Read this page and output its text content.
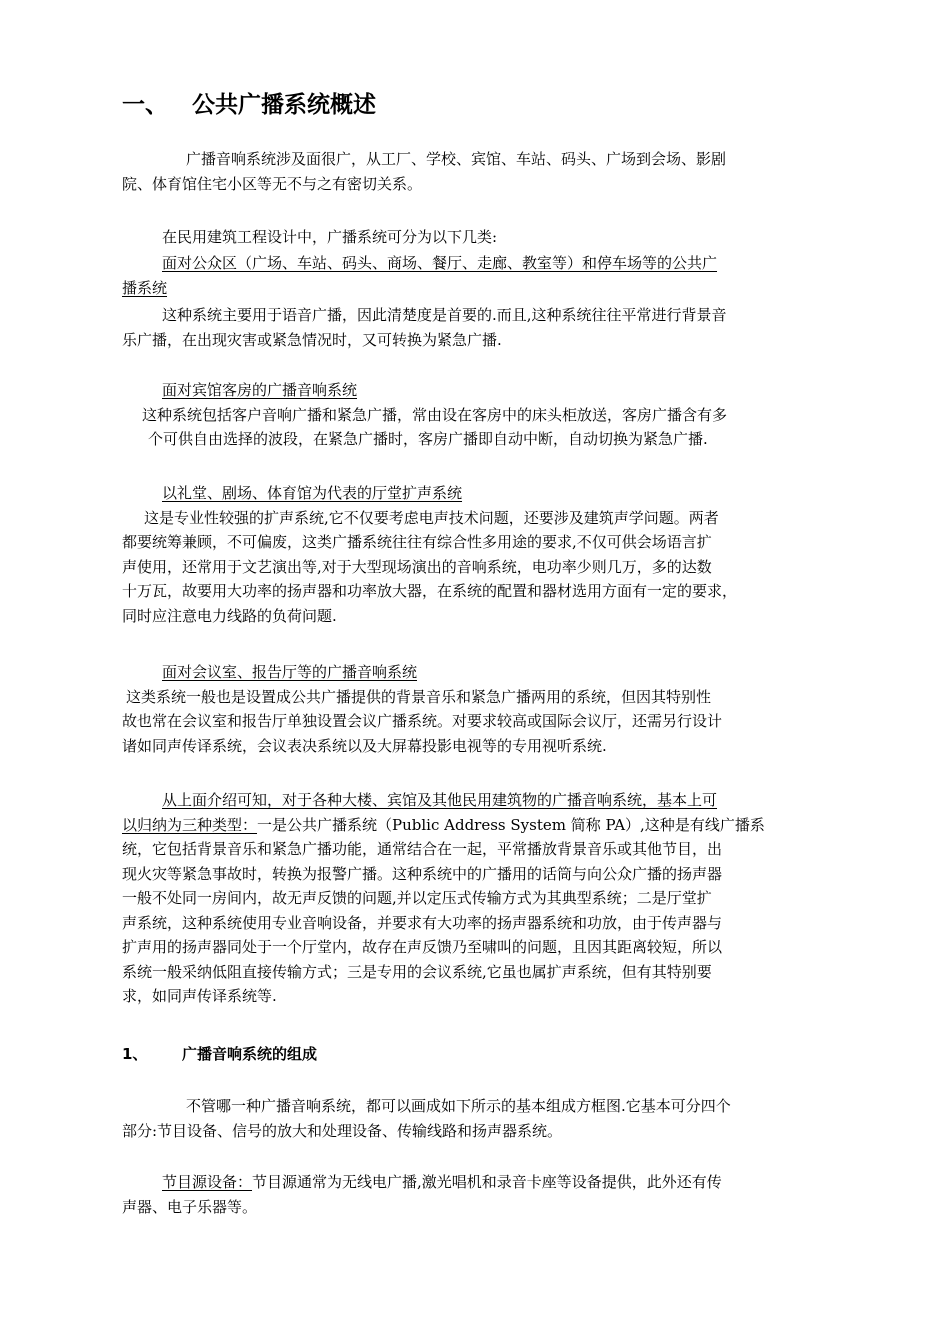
一、 公共广播系统概述
广播音响系统涉及面很广，从工厂、学校、宾馆、车站、码头、广场到会场、影剧
院、体育馆住宅小区等无不与之有密切关系。
在民用建筑工程设计中，广播系统可分为以下几类:
面对公众区（广场、车站、码头、商场、餐厅、走廊、教室等）和停车场等的公共广
播系统
这种系统主要用于语音广播，因此清楚度是首要的.而且,这种系统往往平常进行背景音
乐广播，在出现灾害或紧急情况时，又可转换为紧急广播.
面对宾馆客房的广播音响系统
这种系统包括客户音响广播和紧急广播，常由设在客房中的床头柜放送，客房广播含有多
个可供自由选择的波段，在紧急广播时，客房广播即自动中断，自动切换为紧急广播.
以礼堂、剧场、体育馆为代表的厅堂扩声系统
这是专业性较强的扩声系统,它不仅要考虑电声技术问题，还要涉及建筑声学问题。两者
都要统筹兼顾，不可偏废，这类广播系统往往有综合性多用途的要求,不仅可供会场语言扩
声使用，还常用于文艺演出等,对于大型现场演出的音响系统，电功率少则几万，多的达数
十万瓦，故要用大功率的扬声器和功率放大器，在系统的配置和器材选用方面有一定的要求，
同时应注意电力线路的负荷问题.
面对会议室、报告厅等的广播音响系统
这类系统一般也是设置成公共广播提供的背景音乐和紧急广播两用的系统，但因其特别性
故也常在会议室和报告厅单独设置会议广播系统。对要求较高或国际会议厅，还需另行设计
诸如同声传译系统，会议表决系统以及大屏幕投影电视等的专用视听系统.
从上面介绍可知，对于各种大楼、宾馆及其他民用建筑物的广播音响系统，基本上可
以归纳为三种类型：一是公共广播系统（Public Address System 简称 PA）,这种是有线广播系
统，它包括背景音乐和紧急广播功能，通常结合在一起，平常播放背景音乐或其他节目，出
现火灾等紧急事故时，转换为报警广播。这种系统中的广播用的话筒与向公众广播的扬声器
一般不处同一房间内，故无声反馈的问题,并以定压式传输方式为其典型系统；二是厅堂扩
声系统，这种系统使用专业音响设备，并要求有大功率的扬声器系统和功放，由于传声器与
扩声用的扬声器同处于一个厅堂内，故存在声反馈乃至啸叫的问题，且因其距离较短，所以
系统一般采纳低阻直接传输方式；三是专用的会议系统,它虽也属扩声系统，但有其特别要
求，如同声传译系统等.
1、 广播音响系统的组成
不管哪一种广播音响系统，都可以画成如下所示的基本组成方框图.它基本可分四个
部分:节目设备、信号的放大和处理设备、传输线路和扬声器系统。
节目源设备：节目源通常为无线电广播,激光唱机和录音卡座等设备提供，此外还有传
声器、电子乐器等。
